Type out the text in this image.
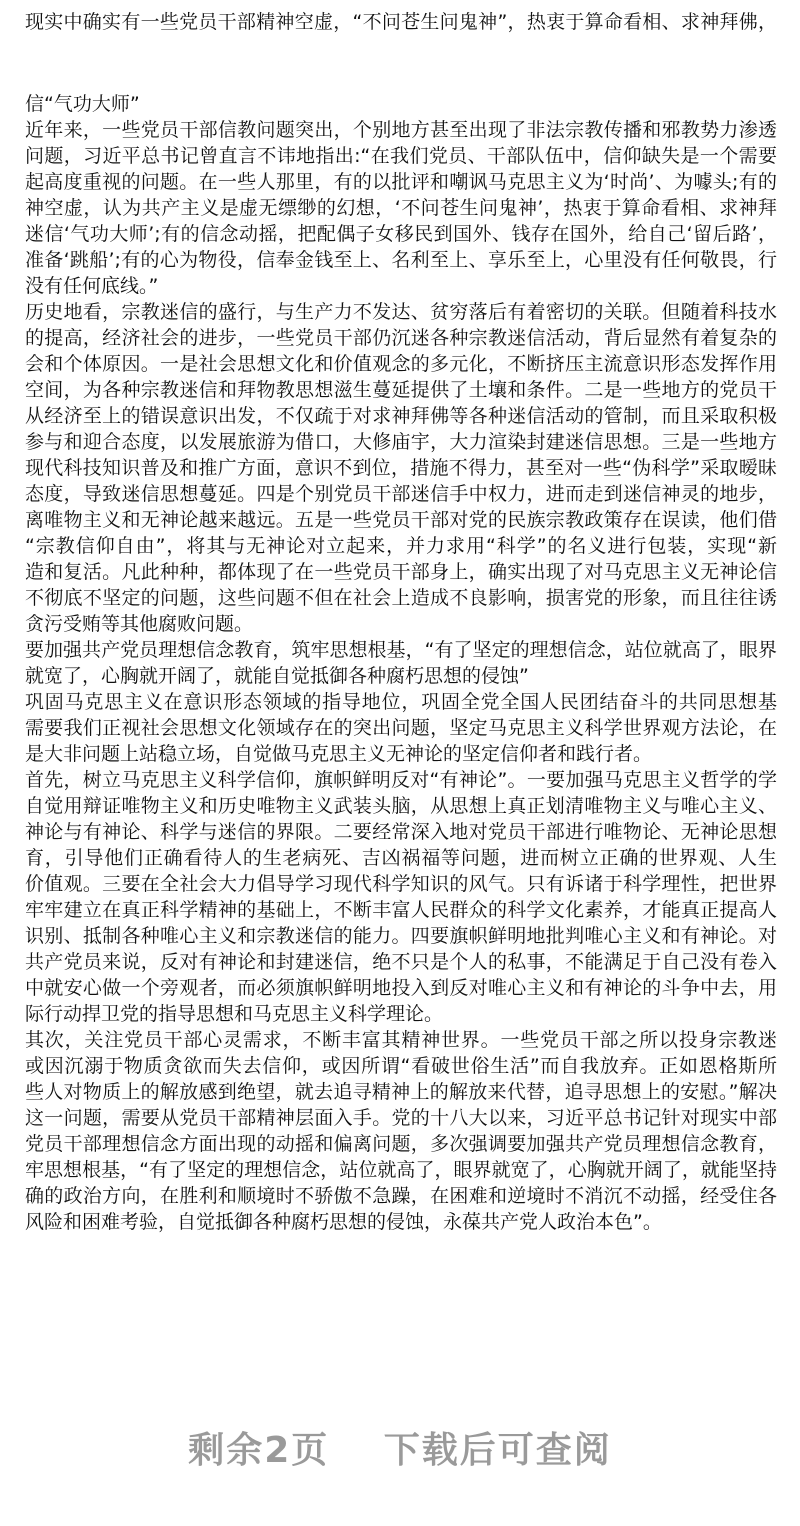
现实中确实有一些党员干部精神空虚，“不问苍生问鬼神”，热衷于算命看相、求神拜佛，
信“气功大师”
近年来，一些党员干部信教问题突出，个别地方甚至出现了非法宗教传播和邪教势力渗透
问题，习近平总书记曾直言不讳地指出:“在我们党员、干部队伍中，信仰缺失是一个需要
起高度重视的问题。在一些人那里，有的以批评和嘲讽马克思主义为‘时尚’、为噱头;有的
神空虚，认为共产主义是虚无缥缈的幻想，‘不问苍生问鬼神’，热衷于算命看相、求神拜
迷信‘气功大师’;有的信念动摇，把配偶子女移民到国外、钱存在国外，给自己‘留后路’，
准备‘跳船’;有的心为物役，信奉金钱至上、名利至上、享乐至上，心里没有任何敬畏，行
没有任何底线。”
历史地看，宗教迷信的盛行，与生产力不发达、贫穷落后有着密切的关联。但随着科技水
的提高，经济社会的进步，一些党员干部仍沉迷各种宗教迷信活动，背后显然有着复杂的
会和个体原因。一是社会思想文化和价值观念的多元化，不断挤压主流意识形态发挥作用
空间，为各种宗教迷信和拜物教思想滋生蔓延提供了土壤和条件。二是一些地方的党员干
从经济至上的错误意识出发，不仅疏于对求神拜佛等各种迷信活动的管制，而且采取积极
参与和迎合态度，以发展旅游为借口，大修庙宇，大力渲染封建迷信思想。三是一些地方
现代科技知识普及和推广方面，意识不到位，措施不得力，甚至对一些“伪科学”采取暧昧
态度，导致迷信思想蔓延。四是个别党员干部迷信手中权力，进而走到迷信神灵的地步，
离唯物主义和无神论越来越远。五是一些党员干部对党的民族宗教政策存在误读，他们借
“宗教信仰自由”，将其与无神论对立起来，并力求用“科学”的名义进行包装，实现“新
造和复活。凡此种种，都体现了在一些党员干部身上，确实出现了对马克思主义无神论信
不彻底不坚定的问题，这些问题不但在社会上造成不良影响，损害党的形象，而且往往诱
贪污受贿等其他腐败问题。
要加强共产党员理想信念教育，筑牢思想根基，“有了坚定的理想信念，站位就高了，眼界
就宽了，心胸就开阔了，就能自觉抵御各种腐朽思想的侵蚀”
巩固马克思主义在意识形态领域的指导地位，巩固全党全国人民团结奋斗的共同思想基
需要我们正视社会思想文化领域存在的突出问题，坚定马克思主义科学世界观方法论，在
是大非问题上站稳立场，自觉做马克思主义无神论的坚定信仰者和践行者。
首先，树立马克思主义科学信仰，旗帜鲜明反对“有神论”。一要加强马克思主义哲学的学
自觉用辩证唯物主义和历史唯物主义武装头脑，从思想上真正划清唯物主义与唯心主义、
神论与有神论、科学与迷信的界限。二要经常深入地对党员干部进行唯物论、无神论思想
育，引导他们正确看待人的生老病死、吉凶祸福等问题，进而树立正确的世界观、人生
价值观。三要在全社会大力倡导学习现代科学知识的风气。只有诉诸于科学理性，把世界
牢牢建立在真正科学精神的基础上，不断丰富人民群众的科学文化素养，才能真正提高人
识别、抵制各种唯心主义和宗教迷信的能力。四要旗帜鲜明地批判唯心主义和有神论。对
共产党员来说，反对有神论和封建迷信，绝不只是个人的私事，不能满足于自己没有卷入
中就安心做一个旁观者，而必须旗帜鲜明地投入到反对唯心主义和有神论的斗争中去，用
际行动捍卫党的指导思想和马克思主义科学理论。
其次，关注党员干部心灵需求，不断丰富其精神世界。一些党员干部之所以投身宗教迷
或因沉溺于物质贪欲而失去信仰，或因所谓“看破世俗生活”而自我放弃。正如恩格斯所
些人对物质上的解放感到绝望，就去追寻精神上的解放来代替，追寻思想上的安慰。”解决
这一问题，需要从党员干部精神层面入手。党的十八大以来，习近平总书记针对现实中部
党员干部理想信念方面出现的动摇和偏离问题，多次强调要加强共产党员理想信念教育，
牢思想根基，“有了坚定的理想信念，站位就高了，眼界就宽了，心胸就开阔了，就能坚持
确的政治方向，在胜利和顺境时不骄傲不急躁，在困难和逆境时不消沉不动摇，经受住各
风险和困难考验，自觉抵御各种腐朽思想的侵蚀，永葆共产党人政治本色”。
剩余2页 下载后可查阅
